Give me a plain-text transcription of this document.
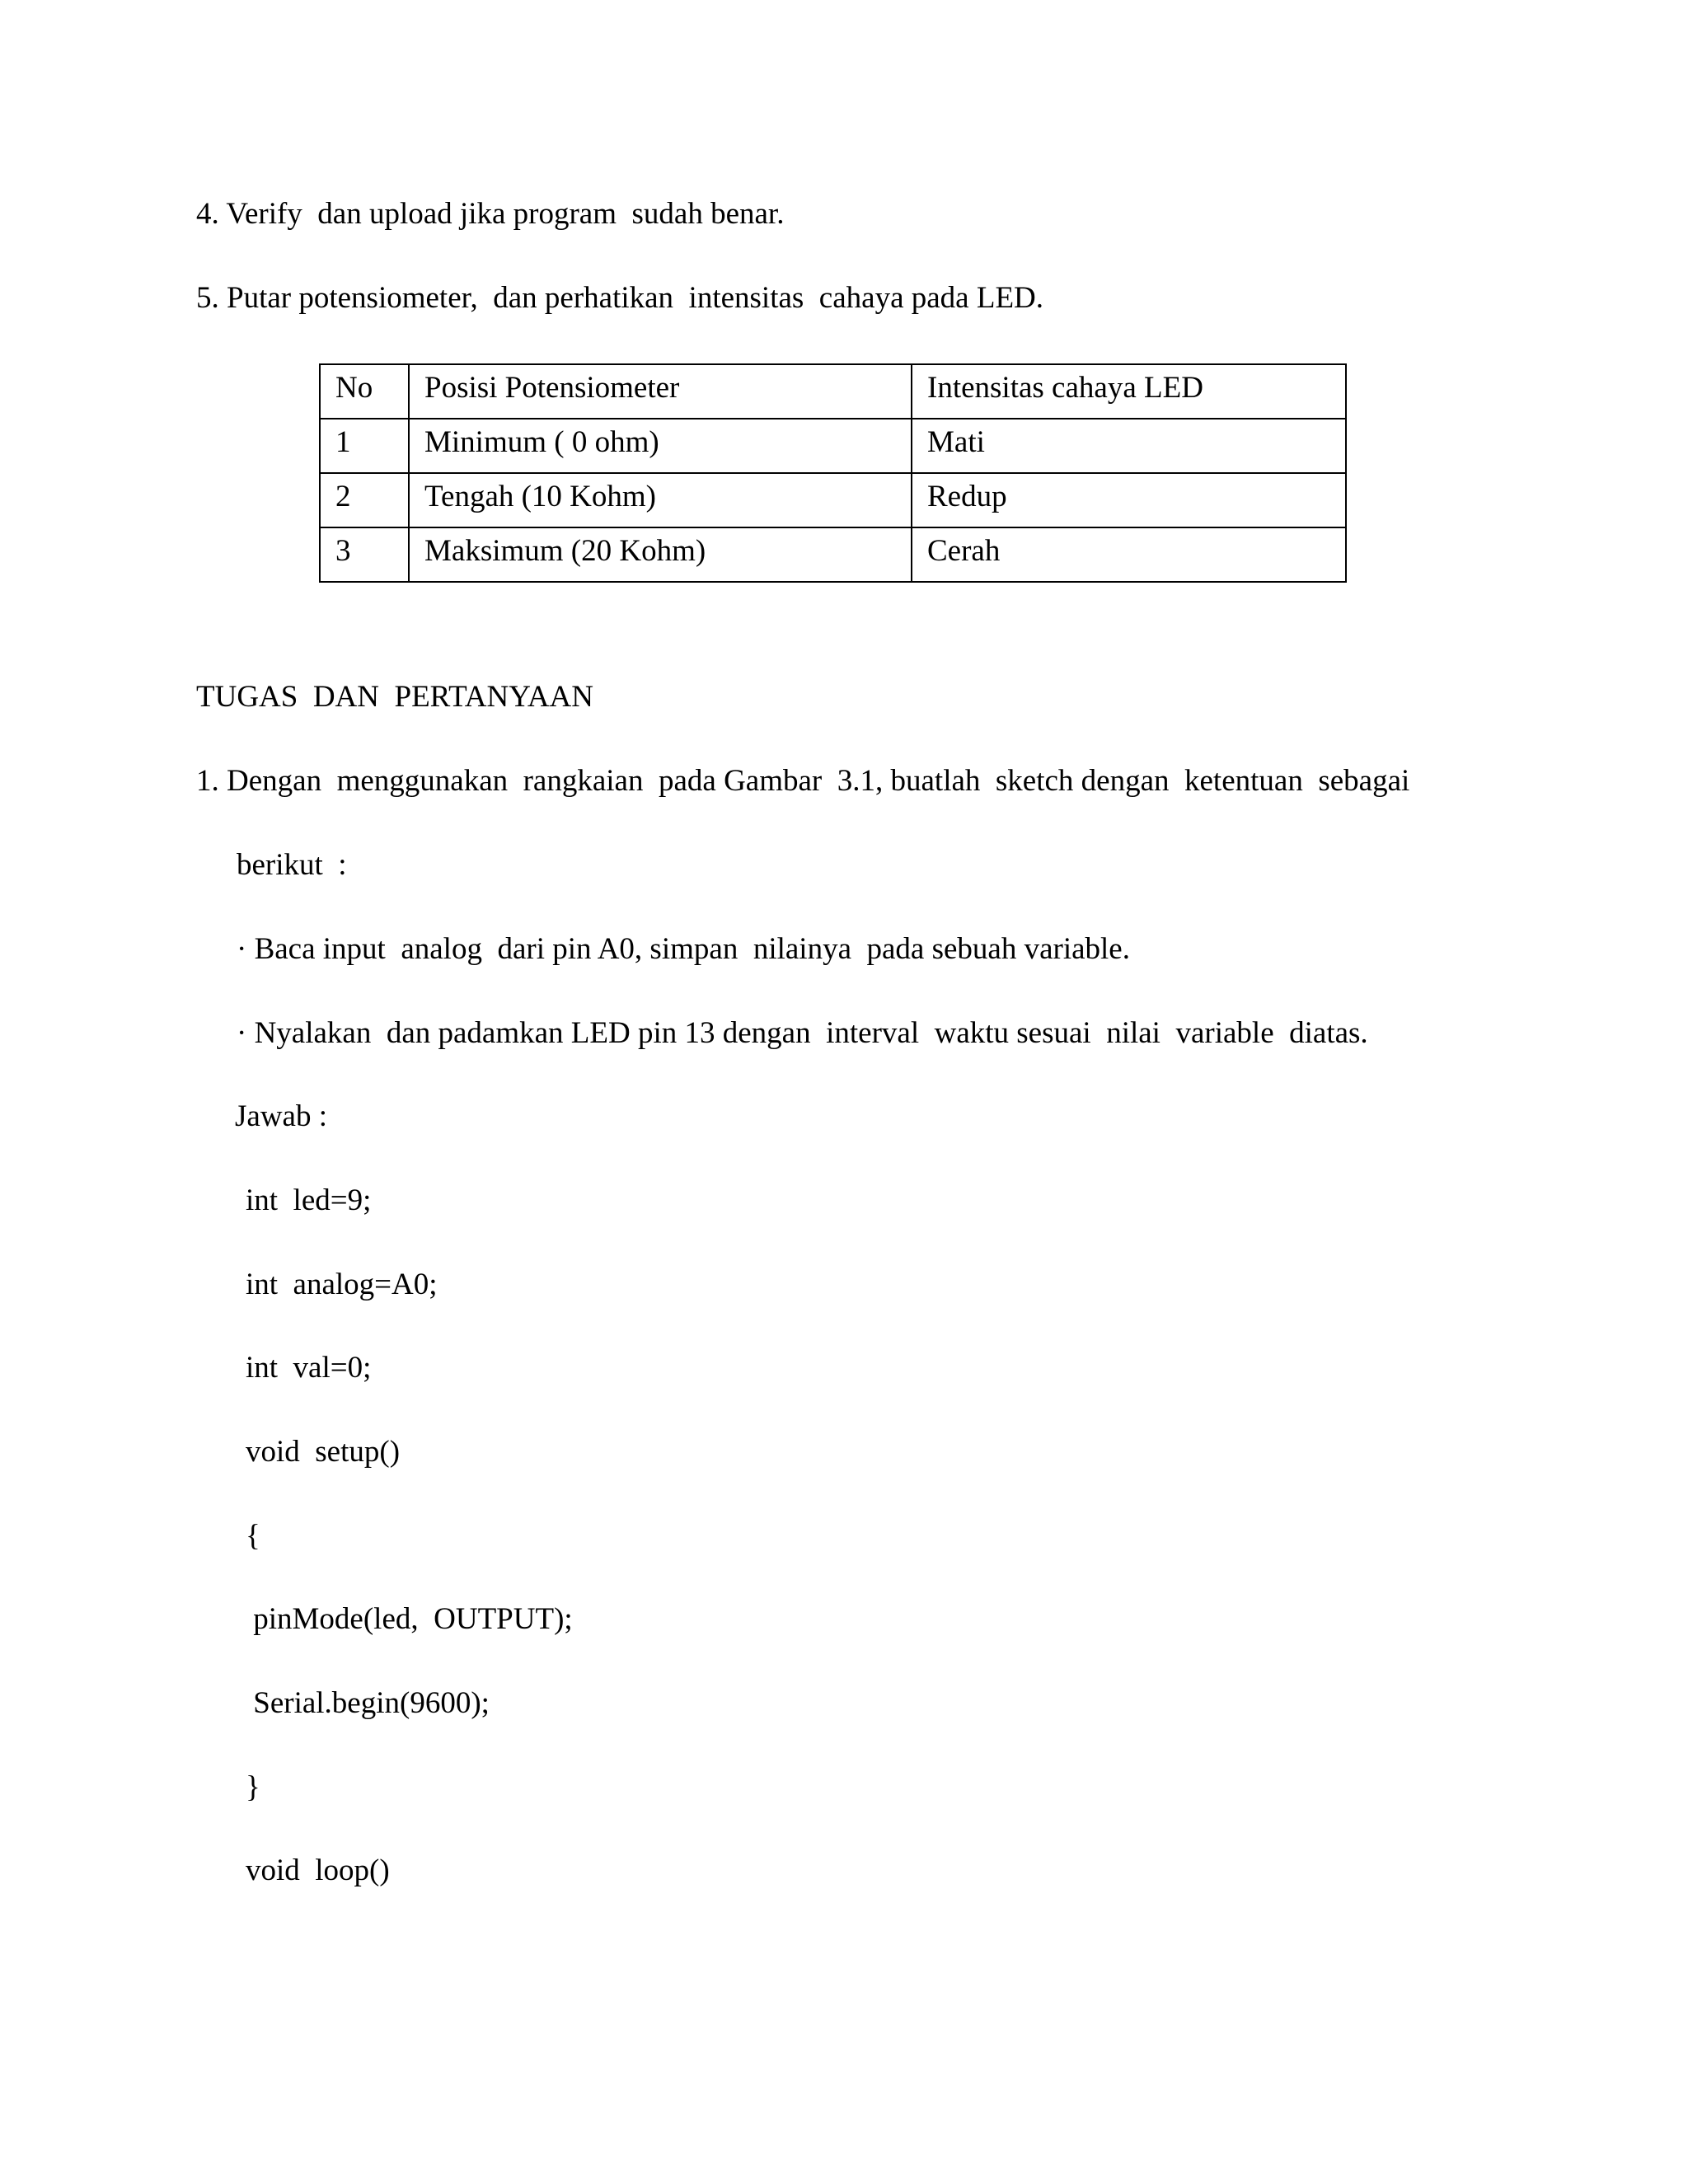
4. Verify  dan upload jika program  sudah benar.

5. Putar potensiometer,  dan perhatikan  intensitas  cahaya pada LED.

No	Posisi Potensiometer	Intensitas cahaya LED
1	Minimum ( 0 ohm)	Mati
2	Tengah (10 Kohm)	Redup
3	Maksimum (20 Kohm)	Cerah

TUGAS  DAN  PERTANYAAN

1. Dengan  menggunakan  rangkaian  pada Gambar  3.1, buatlah  sketch dengan  ketentuan  sebagai

berikut  :

· Baca input  analog  dari pin A0, simpan  nilainya  pada sebuah variable.

· Nyalakan  dan padamkan LED pin 13 dengan  interval  waktu sesuai  nilai  variable  diatas.

Jawab :

int  led=9;

int  analog=A0;

int  val=0;

void  setup()

{

pinMode(led,  OUTPUT);

Serial.begin(9600);

}

void  loop()
